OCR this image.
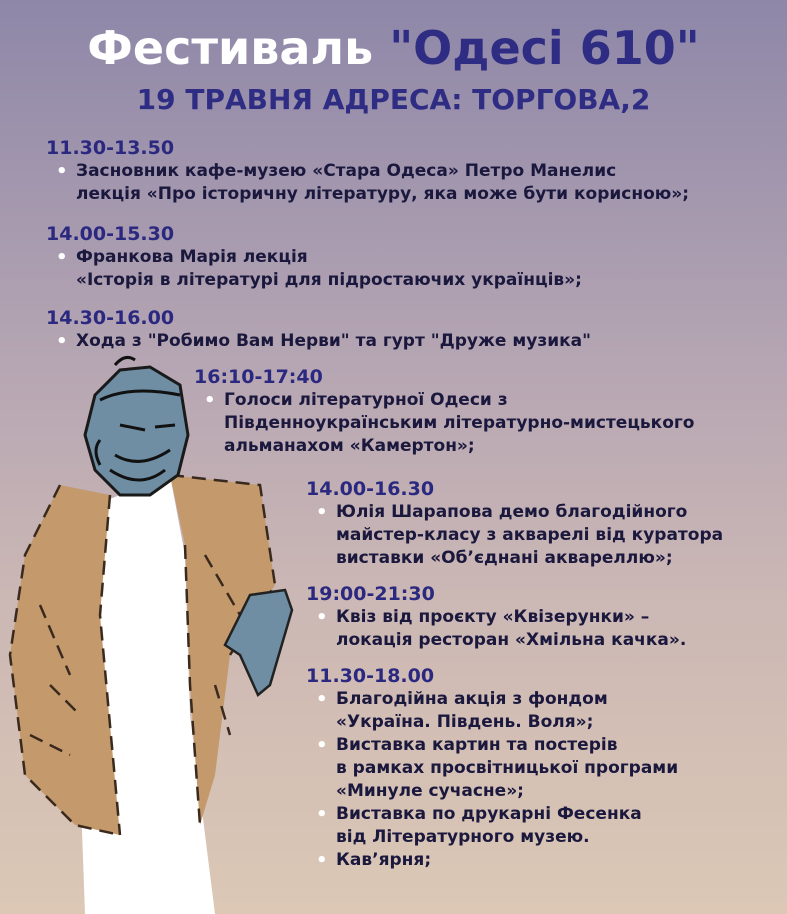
Фестиваль "Одесі 610"
19 ТРАВНЯ АДРЕСА: ТОРГОВА,2
11.30-13.50
• Засновник кафе-музею «Стара Одеса» Петро Манелис
лекція «Про історичну літературу, яка може бути корисною»;
14.00-15.30
• Франкова Марія лекція
«Історія в літературі для підростаючих українців»;
14.30-16.00
• Хода з "Робимо Вам Нерви" та гурт "Друже музика"
16:10-17:40
• Голоси літературної Одеси з
Південноукраїнським літературно-мистецького
альманахом «Камертон»;
14.00-16.30
• Юлія Шарапова демо благодійного
майстер-класу з акварелі від куратора
виставки «Об’єднані аквареллю»;
19:00-21:30
• Квіз від проєкту «Квізерунки» –
локація ресторан «Хмільна качка».
11.30-18.00
• Благодійна акція з фондом
«Україна. Південь. Воля»;
• Виставка картин та постерів
в рамках просвітницької програми
«Минуле сучасне»;
• Виставка по друкарні Фесенка
від Літературного музею.
• Кав’ярня;
